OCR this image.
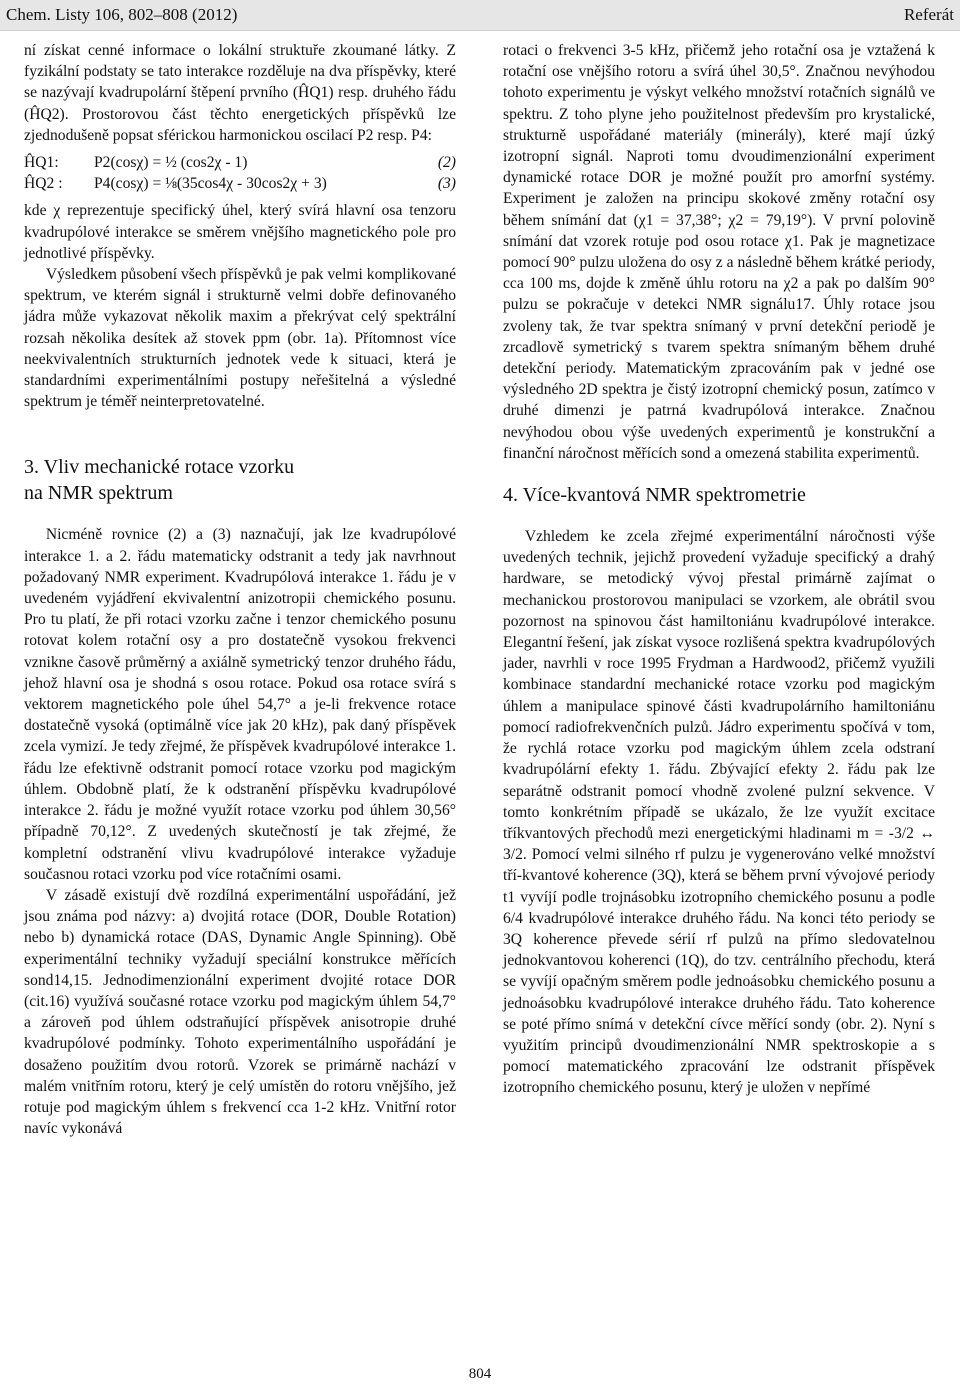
Chem. Listy 106, 802–808 (2012)	Referát

ní získat cenné informace o lokální struktuře zkoumané látky. Z fyzikální podstaty se tato interakce rozděluje na dva příspěvky, které se nazývají kvadrupolární štěpení prvního (ĤQ1) resp. druhého řádu (ĤQ2). Prostorovou část těchto energetických příspěvků lze zjednodušeně popsat sférickou harmonickou oscilací P2 resp. P4:

ĤQ1:	P2(cosχ) = ½ (cos2χ - 1)	(2)
ĤQ2 :	P4(cosχ) = ⅛(35cos4χ - 30cos2χ + 3)	(3)

kde χ reprezentuje specifický úhel, který svírá hlavní osa tenzoru kvadrupólové interakce se směrem vnějšího magnetického pole pro jednotlivé příspěvky.

Výsledkem působení všech příspěvků je pak velmi komplikované spektrum, ve kterém signál i strukturně velmi dobře definovaného jádra může vykazovat několik maxim a překrývat celý spektrální rozsah několika desítek až stovek ppm (obr. 1a). Přítomnost více neekvivalentních strukturních jednotek vede k situaci, která je standardními experimentálními postupy neřešitelná a výsledné spektrum je téměř neinterpretovatelné.

3. Vliv mechanické rotace vzorku
na NMR spektrum

Nicméně rovnice (2) a (3) naznačují, jak lze kvadrupólové interakce 1. a 2. řádu matematicky odstranit a tedy jak navrhnout požadovaný NMR experiment. Kvadrupólová interakce 1. řádu je v uvedeném vyjádření ekvivalentní anizotropii chemického posunu. Pro tu platí, že při rotaci vzorku začne i tenzor chemického posunu rotovat kolem rotační osy a pro dostatečně vysokou frekvenci vznikne časově průměrný a axiálně symetrický tenzor druhého řádu, jehož hlavní osa je shodná s osou rotace. Pokud osa rotace svírá s vektorem magnetického pole úhel 54,7° a je-li frekvence rotace dostatečně vysoká (optimálně více jak 20 kHz), pak daný příspěvek zcela vymizí. Je tedy zřejmé, že příspěvek kvadrupólové interakce 1. řádu lze efektivně odstranit pomocí rotace vzorku pod magickým úhlem. Obdobně platí, že k odstranění příspěvku kvadrupólové interakce 2. řádu je možné využít rotace vzorku pod úhlem 30,56° případně 70,12°. Z uvedených skutečností je tak zřejmé, že kompletní odstranění vlivu kvadrupólové interakce vyžaduje současnou rotaci vzorku pod více rotačními osami.

V zásadě existují dvě rozdílná experimentální uspořádání, jež jsou známa pod názvy: a) dvojitá rotace (DOR, Double Rotation) nebo b) dynamická rotace (DAS, Dynamic Angle Spinning). Obě experimentální techniky vyžadují speciální konstrukce měřících sond14,15. Jednodimenzionální experiment dvojité rotace DOR (cit.16) využívá současné rotace vzorku pod magickým úhlem 54,7° a zároveň pod úhlem odstraňující příspěvek anisotropie druhé kvadrupólové podmínky. Tohoto experimentálního uspořádání je dosaženo použitím dvou rotorů. Vzorek se primárně nachází v malém vnitřním rotoru, který je celý umístěn do rotoru vnějšího, jež rotuje pod magickým úhlem s frekvencí cca 1-2 kHz. Vnitřní rotor navíc vykonává

rotaci o frekvenci 3-5 kHz, přičemž jeho rotační osa je vztažená k rotační ose vnějšího rotoru a svírá úhel 30,5°. Značnou nevýhodou tohoto experimentu je výskyt velkého množství rotačních signálů ve spektru. Z toho plyne jeho použitelnost především pro krystalické, strukturně uspořádané materiály (minerály), které mají úzký izotropní signál. Naproti tomu dvoudimenzionální experiment dynamické rotace DOR je možné použít pro amorfní systémy. Experiment je založen na principu skokové změny rotační osy během snímání dat (χ1 = 37,38°; χ2 = 79,19°). V první polovině snímání dat vzorek rotuje pod osou rotace χ1. Pak je magnetizace pomocí 90° pulzu uložena do osy z a následně během krátké periody, cca 100 ms, dojde k změně úhlu rotoru na χ2 a pak po dalším 90° pulzu se pokračuje v detekci NMR signálu17. Úhly rotace jsou zvoleny tak, že tvar spektra snímaný v první detekční periodě je zrcadlově symetrický s tvarem spektra snímaným během druhé detekční periody. Matematickým zpracováním pak v jedné ose výsledného 2D spektra je čistý izotropní chemický posun, zatímco v druhé dimenzi je patrná kvadrupólová interakce. Značnou nevýhodou obou výše uvedených experimentů je konstrukční a finanční náročnost měřících sond a omezená stabilita experimentů.

4. Více-kvantová NMR spektrometrie

Vzhledem ke zcela zřejmé experimentální náročnosti výše uvedených technik, jejichž provedení vyžaduje specifický a drahý hardware, se metodický vývoj přestal primárně zajímat o mechanickou prostorovou manipulaci se vzorkem, ale obrátil svou pozornost na spinovou část hamiltoniánu kvadrupólové interakce. Elegantní řešení, jak získat vysoce rozlišená spektra kvadrupólových jader, navrhli v roce 1995 Frydman a Hardwood2, přičemž využili kombinace standardní mechanické rotace vzorku pod magickým úhlem a manipulace spinové části kvadrupolárního hamiltoniánu pomocí radiofrekvenčních pulzů. Jádro experimentu spočívá v tom, že rychlá rotace vzorku pod magickým úhlem zcela odstraní kvadrupólární efekty 1. řádu. Zbývající efekty 2. řádu pak lze separátně odstranit pomocí vhodně zvolené pulzní sekvence. V tomto konkrétním případě se ukázalo, že lze využít excitace tříkvantových přechodů mezi energetickými hladinami m = -3/2 ↔ 3/2. Pomocí velmi silného rf pulzu je vygenerováno velké množství tří-kvantové koherence (3Q), která se během první vývojové periody t1 vyvíjí podle trojnásobku izotropního chemického posunu a podle 6/4 kvadrupólové interakce druhého řádu. Na konci této periody se 3Q koherence převede sérií rf pulzů na přímo sledovatelnou jednokvantovou koherenci (1Q), do tzv. centrálního přechodu, která se vyvíjí opačným směrem podle jednoásobku chemického posunu a jednoásobku kvadrupólové interakce druhého řádu. Tato koherence se poté přímo snímá v detekční cívce měřící sondy (obr. 2). Nyní s využitím principů dvoudimenzionální NMR spektroskopie a s pomocí matematického zpracování lze odstranit příspěvek izotropního chemického posunu, který je uložen v nepřímé

804
